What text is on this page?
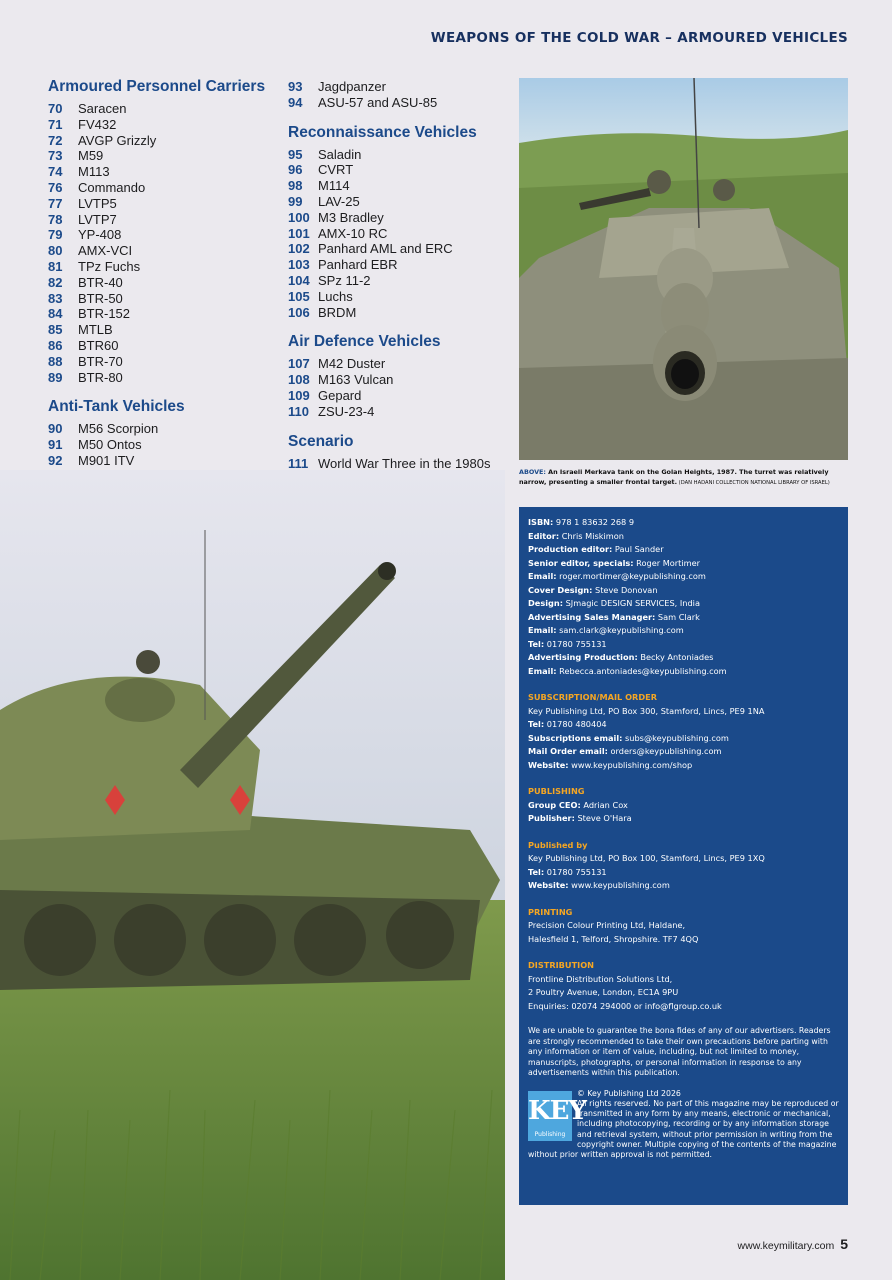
WEAPONS OF THE COLD WAR – ARMOURED VEHICLES
Armoured Personnel Carriers
70	Saracen
71	FV432
72	AVGP Grizzly
73	M59
74	M113
76	Commando
77	LVTP5
78	LVTP7
79	YP-408
80	AMX-VCI
81	TPz Fuchs
82	BTR-40
83	BTR-50
84	BTR-152
85	MTLB
86	BTR60
88	BTR-70
89	BTR-80
Anti-Tank Vehicles
90	M56 Scorpion
91	M50 Ontos
92	M901 ITV
93	Jagdpanzer
94	ASU-57 and ASU-85
Reconnaissance Vehicles
95	Saladin
96	CVRT
98	M114
99	LAV-25
100 M3 Bradley
101 AMX-10 RC
102 Panhard AML and ERC
103 Panhard EBR
104 SPz 11-2
105 Luchs
106 BRDM
Air Defence Vehicles
107 M42 Duster
108 M163 Vulcan
109 Gepard
110 ZSU-23-4
Scenario
111 World War Three in the 1980s
ABOVE: An Israeli Merkava tank on the Golan Heights, 1987. The turret was relatively narrow, presenting a smaller frontal target. (DAN HADANI COLLECTION NATIONAL LIBRARY OF ISRAEL)
ISBN: 978 1 83632 268 9
Editor: Chris Miskimon
Production editor: Paul Sander
Senior editor, specials: Roger Mortimer
Email: roger.mortimer@keypublishing.com
Cover Design: Steve Donovan
Design: SJmagic DESIGN SERVICES, India
Advertising Sales Manager: Sam Clark
Email: sam.clark@keypublishing.com
Tel: 01780 755131
Advertising Production: Becky Antoniades
Email: Rebecca.antoniades@keypublishing.com
SUBSCRIPTION/MAIL ORDER
Key Publishing Ltd, PO Box 300, Stamford, Lincs, PE9 1NA
Tel: 01780 480404
Subscriptions email: subs@keypublishing.com
Mail Order email: orders@keypublishing.com
Website: www.keypublishing.com/shop
PUBLISHING
Group CEO: Adrian Cox
Publisher: Steve O'Hara
Published by
Key Publishing Ltd, PO Box 100, Stamford, Lincs, PE9 1XQ
Tel: 01780 755131
Website: www.keypublishing.com
PRINTING
Precision Colour Printing Ltd, Haldane,
Halesfield 1, Telford, Shropshire. TF7 4QQ
DISTRIBUTION
Frontline Distribution Solutions Ltd,
2 Poultry Avenue, London, EC1A 9PU
Enquiries: 02074 294000 or info@flgroup.co.uk
We are unable to guarantee the bona fides of any of our advertisers. Readers are strongly recommended to take their own precautions before parting with any information or item of value, including, but not limited to money, manuscripts, photographs, or personal information in response to any advertisements within this publication.
KEY
Publishing
© Key Publishing Ltd 2026
All rights reserved. No part of this magazine may be reproduced or transmitted in any form by any means, electronic or mechanical, including photocopying, recording or by any information storage and retrieval system, without prior permission in writing from the copyright owner. Multiple copying of the contents of the magazine without prior written approval is not permitted.
www.keymilitary.com 5
